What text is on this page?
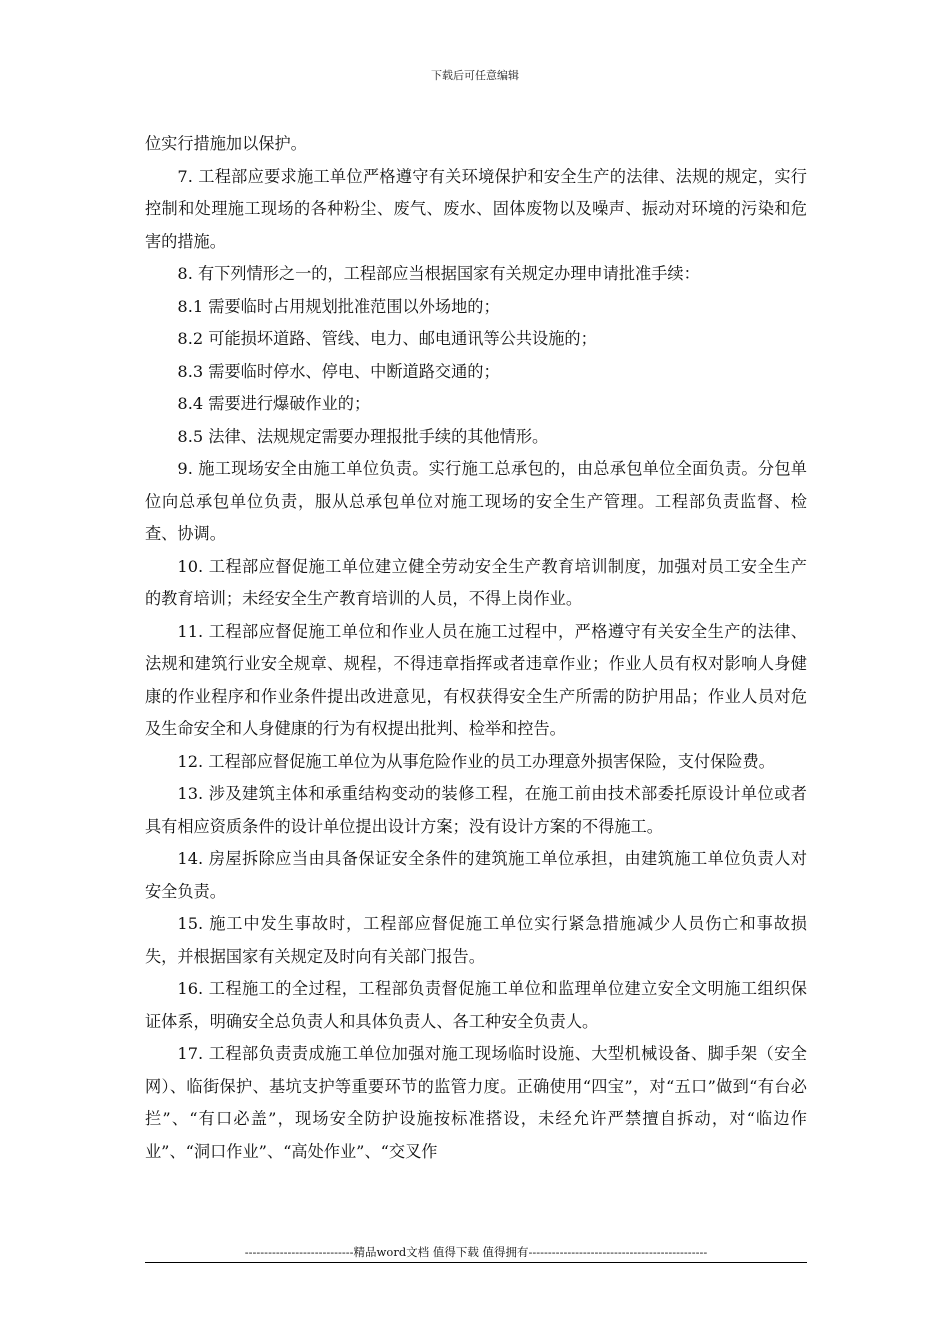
下载后可任意编辑

位实行措施加以保护。

7. 工程部应要求施工单位严格遵守有关环境保护和安全生产的法律、法规的规定，实行控制和处理施工现场的各种粉尘、废气、废水、固体废物以及噪声、振动对环境的污染和危害的措施。

8. 有下列情形之一的，工程部应当根据国家有关规定办理申请批准手续：

8.1 需要临时占用规划批准范围以外场地的；

8.2 可能损坏道路、管线、电力、邮电通讯等公共设施的；

8.3 需要临时停水、停电、中断道路交通的；

8.4 需要进行爆破作业的；

8.5 法律、法规规定需要办理报批手续的其他情形。

9. 施工现场安全由施工单位负责。实行施工总承包的，由总承包单位全面负责。分包单位向总承包单位负责，服从总承包单位对施工现场的安全生产管理。工程部负责监督、检查、协调。

10. 工程部应督促施工单位建立健全劳动安全生产教育培训制度，加强对员工安全生产的教育培训；未经安全生产教育培训的人员，不得上岗作业。

11. 工程部应督促施工单位和作业人员在施工过程中，严格遵守有关安全生产的法律、法规和建筑行业安全规章、规程，不得违章指挥或者违章作业；作业人员有权对影响人身健康的作业程序和作业条件提出改进意见，有权获得安全生产所需的防护用品；作业人员对危及生命安全和人身健康的行为有权提出批判、检举和控告。

12. 工程部应督促施工单位为从事危险作业的员工办理意外损害保险，支付保险费。

13. 涉及建筑主体和承重结构变动的装修工程，在施工前由技术部委托原设计单位或者具有相应资质条件的设计单位提出设计方案；没有设计方案的不得施工。

14. 房屋拆除应当由具备保证安全条件的建筑施工单位承担，由建筑施工单位负责人对安全负责。

15. 施工中发生事故时，工程部应督促施工单位实行紧急措施减少人员伤亡和事故损失，并根据国家有关规定及时向有关部门报告。

16. 工程施工的全过程，工程部负责督促施工单位和监理单位建立安全文明施工组织保证体系，明确安全总负责人和具体负责人、各工种安全负责人。

17. 工程部负责责成施工单位加强对施工现场临时设施、大型机械设备、脚手架（安全网）、临街保护、基坑支护等重要环节的监管力度。正确使用“四宝”，对“五口”做到“有台必拦”、“有口必盖”，现场安全防护设施按标准搭设，未经允许严禁擅自拆动，对“临边作业”、“洞口作业”、“高处作业”、“交叉作

----------------------------精品word文档 值得下载 值得拥有----------------------------------------------
